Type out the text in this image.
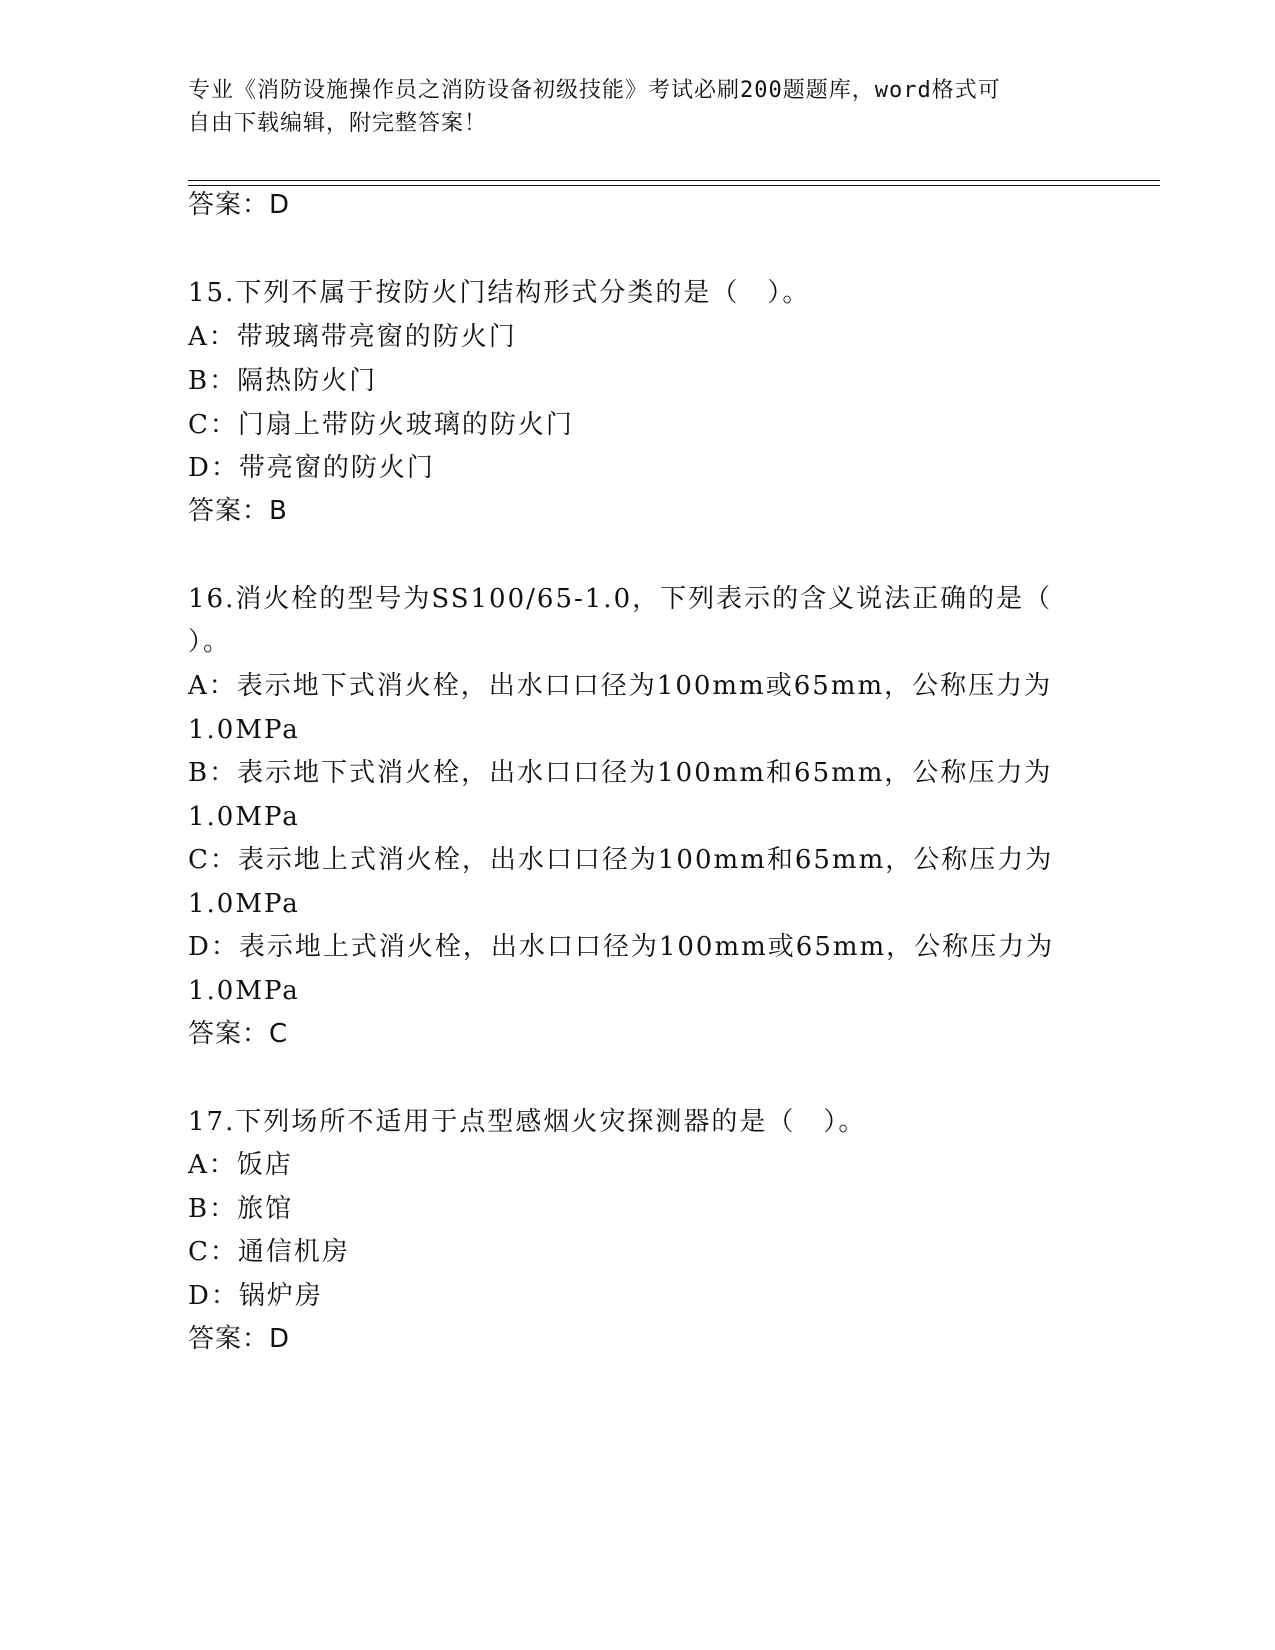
专业《消防设施操作员之消防设备初级技能》考试必刷200题题库，word格式可
自由下载编辑，附完整答案！
答案：D
15.下列不属于按防火门结构形式分类的是（　）。
A：带玻璃带亮窗的防火门
B：隔热防火门
C：门扇上带防火玻璃的防火门
D：带亮窗的防火门
答案：B
16.消火栓的型号为SS100/65-1.0，下列表示的含义说法正确的是（
）。
A：表示地下式消火栓，出水口口径为100mm或65mm，公称压力为
1.0MPa
B：表示地下式消火栓，出水口口径为100mm和65mm，公称压力为
1.0MPa
C：表示地上式消火栓，出水口口径为100mm和65mm，公称压力为
1.0MPa
D：表示地上式消火栓，出水口口径为100mm或65mm，公称压力为
1.0MPa
答案：C
17.下列场所不适用于点型感烟火灾探测器的是（　）。
A：饭店
B：旅馆
C：通信机房
D：锅炉房
答案：D
